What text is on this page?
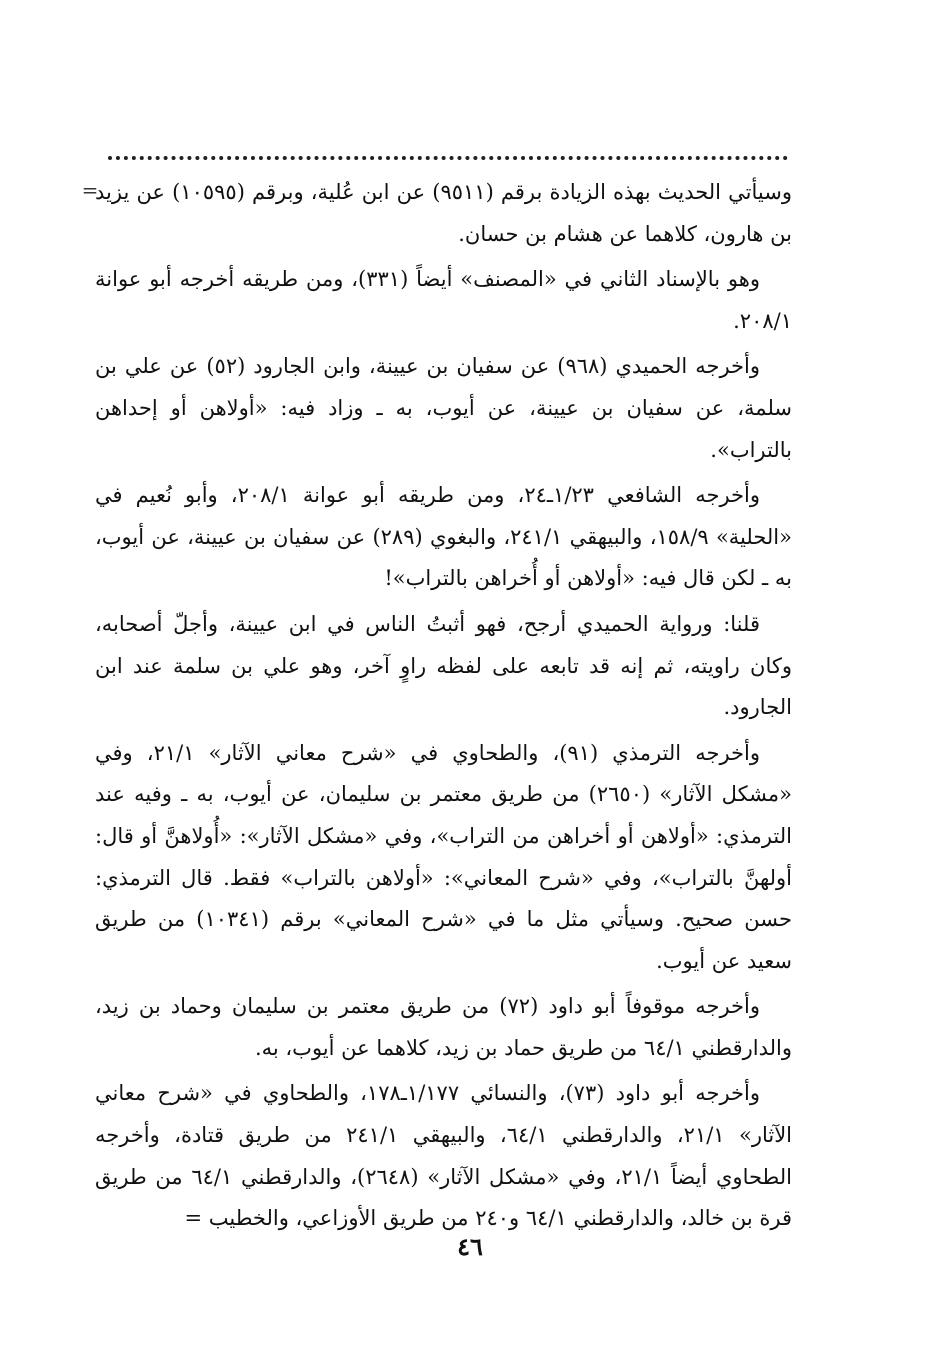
=

وسيأتي الحديث بهذه الزيادة برقم (٩٥١١) عن ابن عُلية، وبرقم (١٠٥٩٥) عن يزيد بن هارون، كلاهما عن هشام بن حسان.

وهو بالإسناد الثاني في «المصنف» أيضاً (٣٣١)، ومن طريقه أخرجه أبو عوانة ٢٠٨/١.

وأخرجه الحميدي (٩٦٨) عن سفيان بن عيينة، وابن الجارود (٥٢) عن علي بن سلمة، عن سفيان بن عيينة، عن أيوب، به ـ وزاد فيه: «أولاهن أو إحداهن بالتراب».

وأخرجه الشافعي ١/٢٣ـ٢٤، ومن طريقه أبو عوانة ٢٠٨/١، وأبو نُعيم في «الحلية» ١٥٨/٩، والبيهقي ٢٤١/١، والبغوي (٢٨٩) عن سفيان بن عيينة، عن أيوب، به ـ لكن قال فيه: «أولاهن أو أُخراهن بالتراب»!

قلنا: ورواية الحميدي أرجح، فهو أثبتُ الناس في ابن عيينة، وأجلّ أصحابه، وكان راويته، ثم إنه قد تابعه على لفظه راوٍ آخر، وهو علي بن سلمة عند ابن الجارود.

وأخرجه الترمذي (٩١)، والطحاوي في «شرح معاني الآثار» ٢١/١، وفي «مشكل الآثار» (٢٦٥٠) من طريق معتمر بن سليمان، عن أيوب، به ـ وفيه عند الترمذي: «أولاهن أو أخراهن من التراب»، وفي «مشكل الآثار»: «أُولاهنَّ أو قال: أولهنَّ بالتراب»، وفي «شرح المعاني»: «أولاهن بالتراب» فقط. قال الترمذي: حسن صحيح. وسيأتي مثل ما في «شرح المعاني» برقم (١٠٣٤١) من طريق سعيد عن أيوب.

وأخرجه موقوفاً أبو داود (٧٢) من طريق معتمر بن سليمان وحماد بن زيد، والدارقطني ٦٤/١ من طريق حماد بن زيد، كلاهما عن أيوب، به.

وأخرجه أبو داود (٧٣)، والنسائي ١/١٧٧ـ١٧٨، والطحاوي في «شرح معاني الآثار» ٢١/١، والدارقطني ٦٤/١، والبيهقي ٢٤١/١ من طريق قتادة، وأخرجه الطحاوي أيضاً ٢١/١، وفي «مشكل الآثار» (٢٦٤٨)، والدارقطني ٦٤/١ من طريق قرة بن خالد، والدارقطني ٦٤/١ و٢٤٠ من طريق الأوزاعي، والخطيب =

٤٦
